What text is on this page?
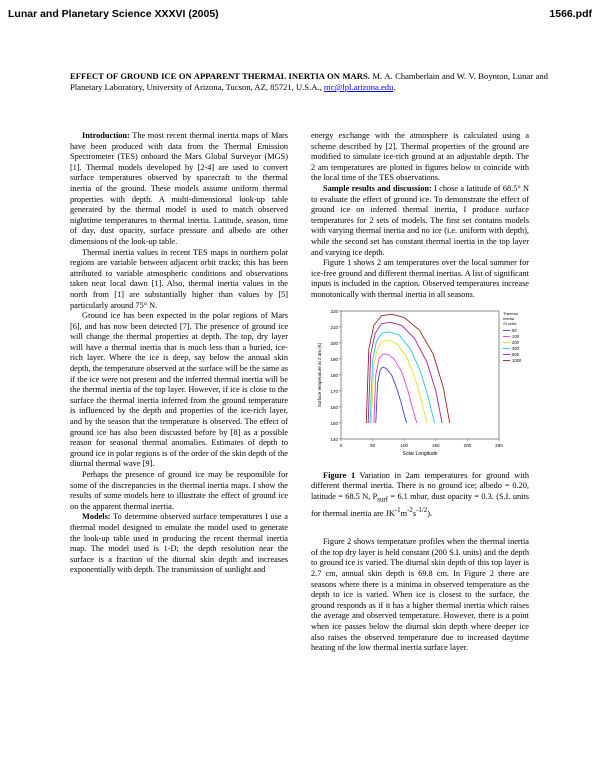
Lunar and Planetary Science XXXVI (2005)	1566.pdf
EFFECT OF GROUND ICE ON APPARENT THERMAL INERTIA ON MARS. M. A. Chamberlain and W. V. Boynton, Lunar and Planetary Laboratory, University of Arizona, Tucson, AZ, 85721, U.S.A., mc@lpl.arizona.edu.

Introduction: The most recent thermal inertia maps of Mars have been produced with data from the Thermal Emission Spectrometer (TES) onboard the Mars Global Surveyor (MGS) [1]. Thermal models developed by [2-4] are used to convert surface temperatures observed by spacecraft to the thermal inertia of the ground. These models assume uniform thermal properties with depth. A multi-dimensional look-up table generated by the thermal model is used to match observed nighttime temperatures to thermal inertia. Latitude, season, time of day, dust opacity, surface pressure and albedo are other dimensions of the look-up table.

Thermal inertia values in recent TES maps in northern polar regions are variable between adjacent orbit tracks; this has been attributed to variable atmospheric conditions and observations taken near local dawn [1]. Also, thermal inertia values in the north from [1] are substantially higher than values by [5] particularly around 75° N.

Ground ice has been expected in the polar regions of Mars [6], and has now been detected [7]. The presence of ground ice will change the thermal properties at depth. The top, dry layer will have a thermal inertia that is much less than a buried, ice-rich layer. Where the ice is deep, say below the annual skin depth, the temperature observed at the surface will be the same as if the ice were not present and the inferred thermal inertia will be the thermal inertia of the top layer. However, if ice is close to the surface the thermal inertia inferred from the ground temperature is influenced by the depth and properties of the ice-rich layer, and by the season that the temperature is observed. The effect of ground ice has also been discussed before by [8] as a possible reason for seasonal thermal anomalies. Estimates of depth to ground ice in polar regions is of the order of the skin depth of the diurnal thermal wave [9].

Perhaps the presence of ground ice may be responsible for some of the discrepancies in the thermal inertia maps. I show the results of some models here to illustrate the effect of ground ice on the apparent thermal inertia.

Models: To determine observed surface temperatures I use a thermal model designed to emulate the model used to generate the look-up table used in producing the recent thermal inertia map. The model used is 1-D; the depth resolution near the surface is a fraction of the diurnal skin depth and increases exponentially with depth. The transmission of sunlight and

energy exchange with the atmosphere is calculated using a scheme described by [2]. Thermal properties of the ground are modified to simulate ice-rich ground at an adjustable depth. The 2 am temperatures are plotted in figures below to coincide with the local time of the TES observations.

Sample results and discussion: I chose a latitude of 68.5° N to evaluate the effect of ground ice. To demonstrate the effect of ground ice on inferred thermal inertia, I produce surface temperatures for 2 sets of models. The first set contains models with varying thermal inertia and no ice (i.e. uniform with depth), while the second set has constant thermal inertia in the top layer and varying ice depth.

Figure 1 shows 2 am temperatures over the local summer for ice-free ground and different thermal inertias. A list of significant inputs is included in the caption. Observed temperatures increase monotonically with thermal inertia in all seasons.

140
150
160
170
180
190
200
210
220
0	50	100	150	200	250
Solar Longitude
Surface temperature at 2 am (K)
Thermal
Inertia
SI units
50
100
200
300
500
1000

Figure 1 Variation in 2am temperatures for ground with different thermal inertia. There is no ground ice; albedo = 0.20, latitude = 68.5 N, $P_{surf} = 6.1$ mbar, dust opacity = 0.3. (S.I. units for thermal inertia are $JK^{-1}m^{-2}s^{-1/2}$).

Figure 2 shows temperature profiles when the thermal inertia of the top dry layer is held constant (200 S.I. units) and the depth to ground ice is varied. The diurnal skin depth of this top layer is 2.7 cm, annual skin depth is 69.8 cm. In Figure 2 there are seasons where there is a minima in observed temperature as the depth to ice is varied. When ice is closest to the surface, the ground responds as if it has a higher thermal inertia which raises the average and observed temperature. However, there is a point when ice passes below the diurnal skin depth where deeper ice also raises the observed temperature due to increased daytime heating of the low thermal inertia surface layer.
